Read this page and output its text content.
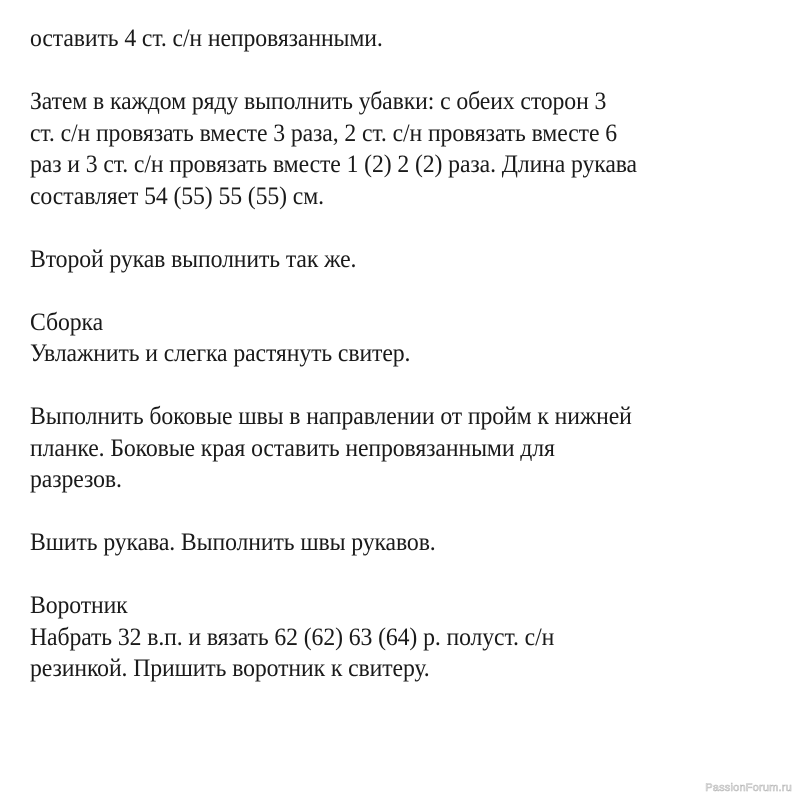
оставить 4 ст. с/н непровязанными.
Затем в каждом ряду выполнить убавки: с обеих сторон 3
ст. с/н провязать вместе 3 раза, 2 ст. с/н провязать вместе 6
раз и 3 ст. с/н провязать вместе 1 (2) 2 (2) раза. Длина рукава
составляет 54 (55) 55 (55) см.
Второй рукав выполнить так же.
Сборка
Увлажнить и слегка растянуть свитер.
Выполнить боковые швы в направлении от пройм к нижней
планке. Боковые края оставить непровязанными для
разрезов.
Вшить рукава. Выполнить швы рукавов.
Воротник
Набрать 32 в.п. и вязать 62 (62) 63 (64) р. полуст. с/н
резинкой. Пришить воротник к свитеру.
PassionForum.ru
